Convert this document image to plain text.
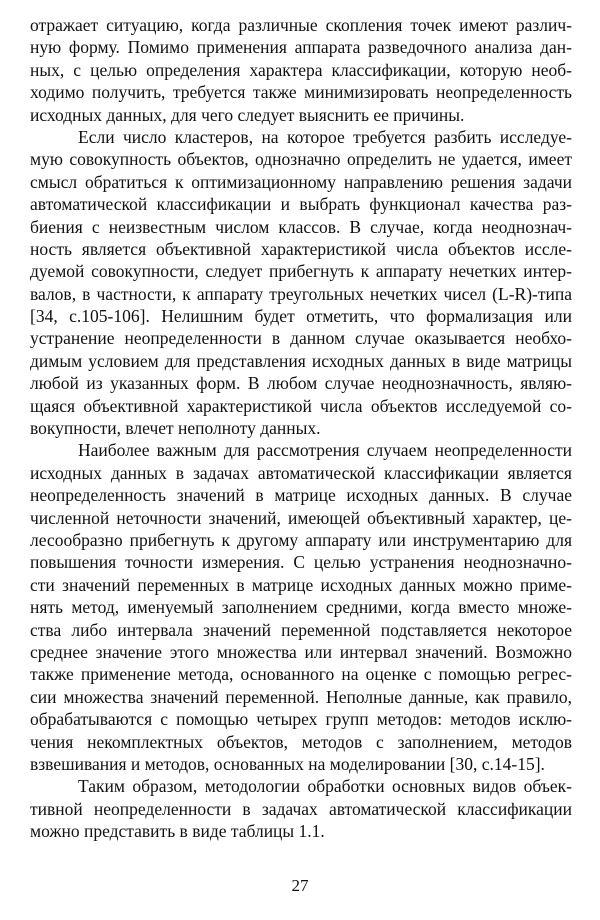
отражает ситуацию, когда различные скопления точек имеют различ-
ную форму. Помимо применения аппарата разведочного анализа дан-
ных, с целью определения характера классификации, которую необ-
ходимо получить, требуется также минимизировать неопределенность
исходных данных, для чего следует выяснить ее причины.
Если число кластеров, на которое требуется разбить исследуе-
мую совокупность объектов, однозначно определить не удается, имеет
смысл обратиться к оптимизационному направлению решения задачи
автоматической классификации и выбрать функционал качества раз-
биения с неизвестным числом классов. В случае, когда неоднознач-
ность является объективной характеристикой числа объектов иссле-
дуемой совокупности, следует прибегнуть к аппарату нечетких интер-
валов, в частности, к аппарату треугольных нечетких чисел (L-R)-типа
[34, с.105-106]. Нелишним будет отметить, что формализация или
устранение неопределенности в данном случае оказывается необхо-
димым условием для представления исходных данных в виде матрицы
любой из указанных форм. В любом случае неоднозначность, являю-
щаяся объективной характеристикой числа объектов исследуемой со-
вокупности, влечет неполноту данных.
Наиболее важным для рассмотрения случаем неопределенности
исходных данных в задачах автоматической классификации является
неопределенность значений в матрице исходных данных. В случае
численной неточности значений, имеющей объективный характер, це-
лесообразно прибегнуть к другому аппарату или инструментарию для
повышения точности измерения. С целью устранения неоднозначно-
сти значений переменных в матрице исходных данных можно приме-
нять метод, именуемый заполнением средними, когда вместо множе-
ства либо интервала значений переменной подставляется некоторое
среднее значение этого множества или интервал значений. Возможно
также применение метода, основанного на оценке с помощью регрес-
сии множества значений переменной. Неполные данные, как правило,
обрабатываются с помощью четырех групп методов: методов исклю-
чения некомплектных объектов, методов с заполнением, методов
взвешивания и методов, основанных на моделировании [30, с.14-15].
Таким образом, методологии обработки основных видов объек-
тивной неопределенности в задачах автоматической классификации
можно представить в виде таблицы 1.1.
27
